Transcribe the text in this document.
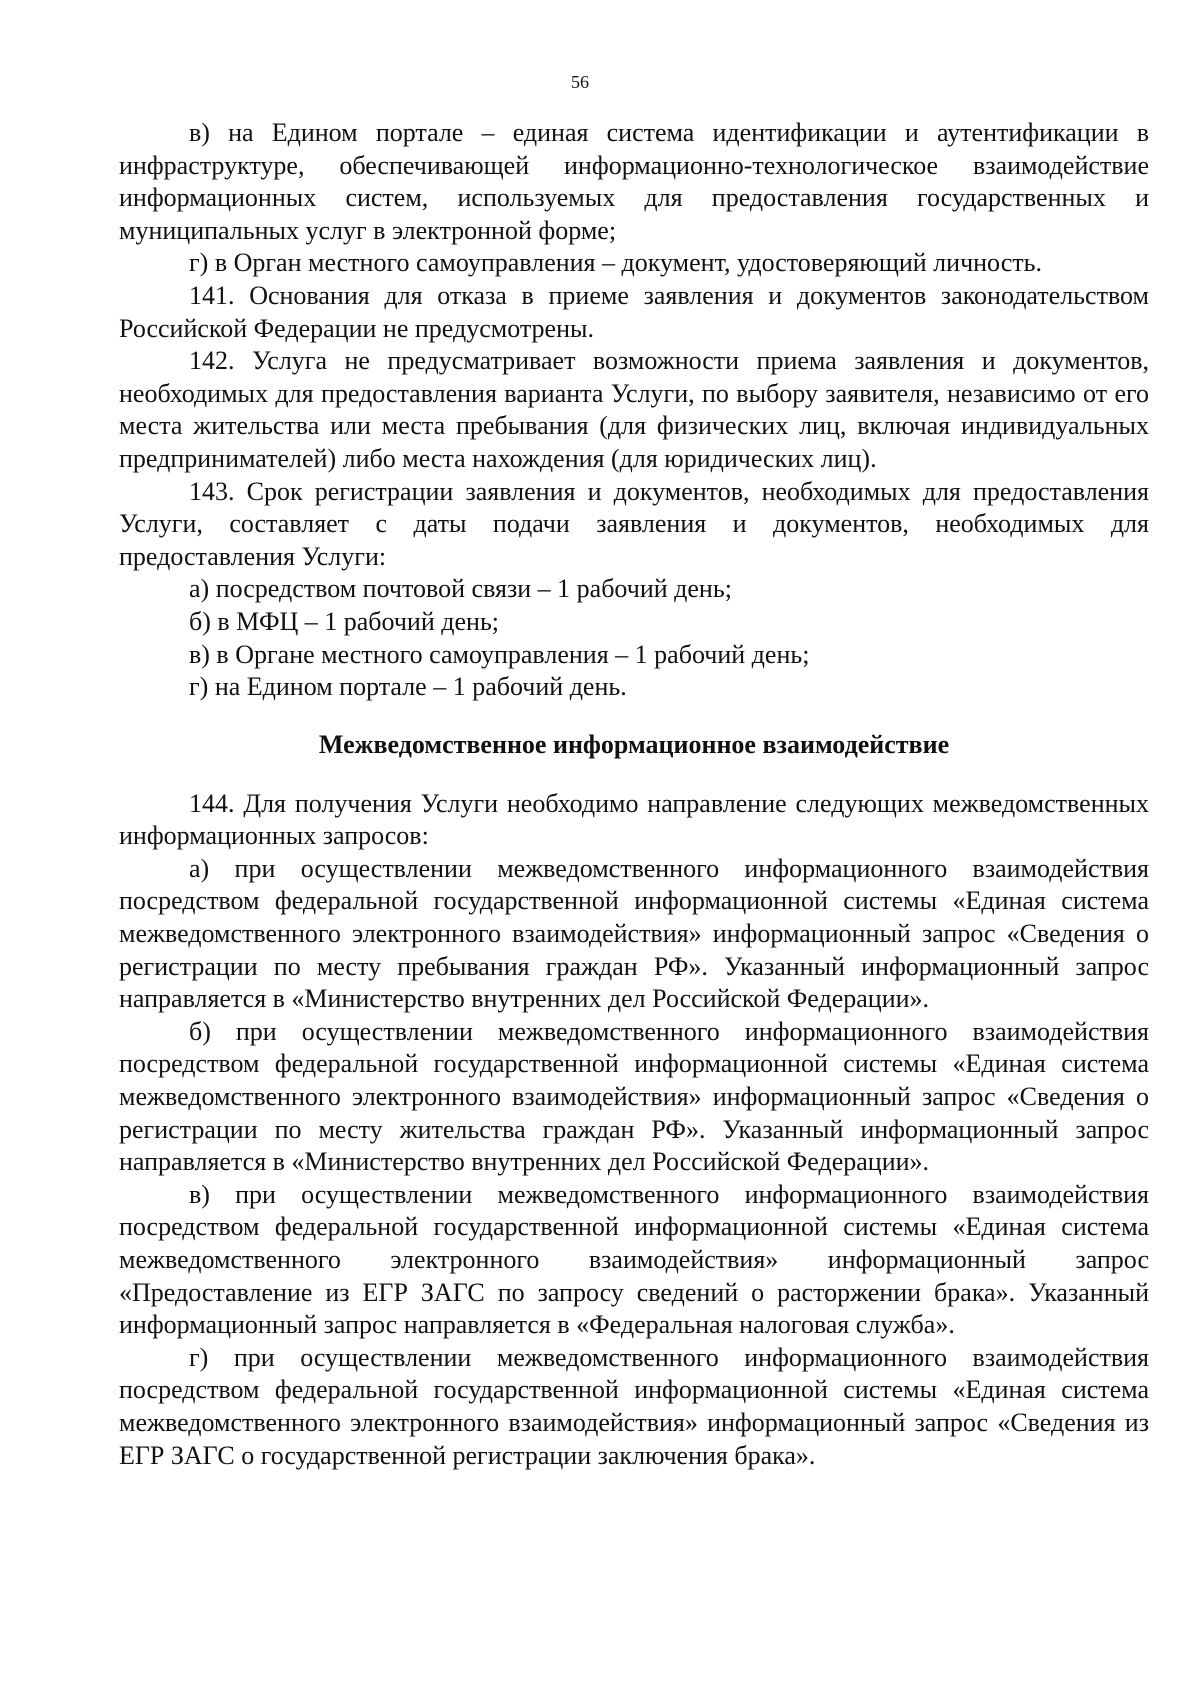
56

в) на Едином портале – единая система идентификации и аутентификации в инфраструктуре, обеспечивающей информационно-технологическое взаимодействие информационных систем, используемых для предоставления государственных и муниципальных услуг в электронной форме;

г) в Орган местного самоуправления – документ, удостоверяющий личность.

141. Основания для отказа в приеме заявления и документов законодательством Российской Федерации не предусмотрены.

142. Услуга не предусматривает возможности приема заявления и документов, необходимых для предоставления варианта Услуги, по выбору заявителя, независимо от его места жительства или места пребывания (для физических лиц, включая индивидуальных предпринимателей) либо места нахождения (для юридических лиц).

143. Срок регистрации заявления и документов, необходимых для предоставления Услуги, составляет с даты подачи заявления и документов, необходимых для предоставления Услуги:

а) посредством почтовой связи – 1 рабочий день;

б) в МФЦ – 1 рабочий день;

в) в Органе местного самоуправления – 1 рабочий день;

г) на Едином портале – 1 рабочий день.

Межведомственное информационное взаимодействие

144. Для получения Услуги необходимо направление следующих межведомственных информационных запросов:

а) при осуществлении межведомственного информационного взаимодействия посредством федеральной государственной информационной системы «Единая система межведомственного электронного взаимодействия» информационный запрос «Сведения о регистрации по месту пребывания граждан РФ». Указанный информационный запрос направляется в «Министерство внутренних дел Российской Федерации».

б) при осуществлении межведомственного информационного взаимодействия посредством федеральной государственной информационной системы «Единая система межведомственного электронного взаимодействия» информационный запрос «Сведения о регистрации по месту жительства граждан РФ». Указанный информационный запрос направляется в «Министерство внутренних дел Российской Федерации».

в) при осуществлении межведомственного информационного взаимодействия посредством федеральной государственной информационной системы «Единая система межведомственного электронного взаимодействия» информационный запрос «Предоставление из ЕГР ЗАГС по запросу сведений о расторжении брака». Указанный информационный запрос направляется в «Федеральная налоговая служба».

г) при осуществлении межведомственного информационного взаимодействия посредством федеральной государственной информационной системы «Единая система межведомственного электронного взаимодействия» информационный запрос «Сведения из ЕГР ЗАГС о государственной регистрации заключения брака».
